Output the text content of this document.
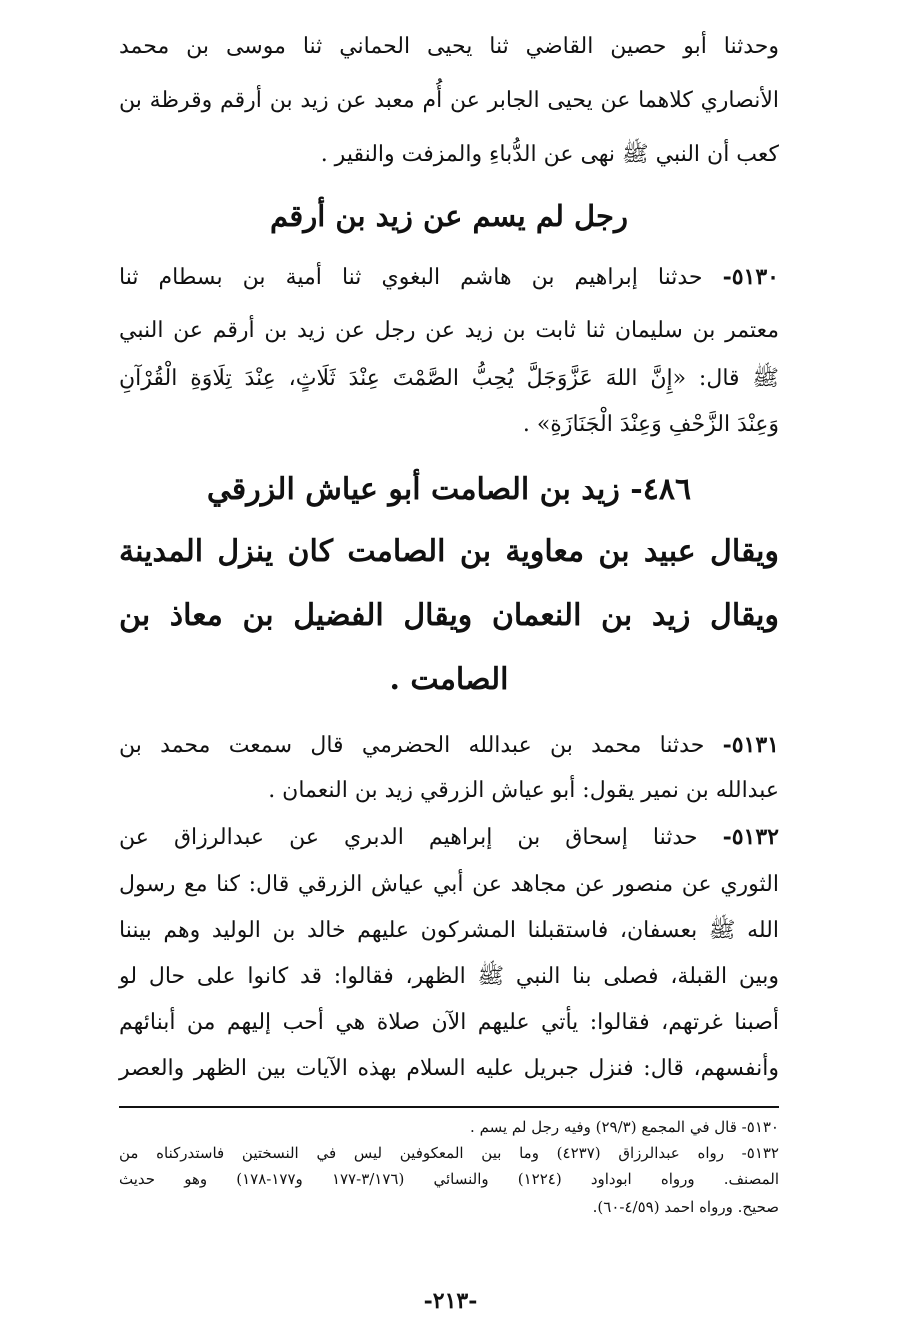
وحدثنا أبو حصين القاضي ثنا يحيى الحماني ثنا موسى بن محمد
الأنصاري كلاهما عن يحيى الجابر عن أُم معبد عن زيد بن أرقم وقرظة بن
كعب أن النبي ﷺ نهى عن الدُّباءِ والمزفت والنقير .
رجل لم يسم عن زيد بن أرقم
٥١٣٠- حدثنا إبراهيم بن هاشم البغوي ثنا أمية بن بسطام ثنا
معتمر بن سليمان ثنا ثابت بن زيد عن رجل عن زيد بن أرقم عن النبي
ﷺ قال: «إِنَّ اللهَ عَزَّوَجَلَّ يُحِبُّ الصَّمْتَ عِنْدَ ثَلَاثٍ، عِنْدَ تِلَاوَةِ الْقُرْآنِ
وَعِنْدَ الزَّحْفِ وَعِنْدَ الْجَنَازَةِ» .
٤٨٦- زيد بن الصامت أبو عياش الزرقي
ويقال عبيد بن معاوية بن الصامت كان ينزل المدينة
ويقال زيد بن النعمان ويقال الفضيل بن معاذ بن
الصامت .
٥١٣١- حدثنا محمد بن عبدالله الحضرمي قال سمعت محمد بن
عبدالله بن نمير يقول: أبو عياش الزرقي زيد بن النعمان .
٥١٣٢- حدثنا إسحاق بن إبراهيم الدبري عن عبدالرزاق عن
الثوري عن منصور عن مجاهد عن أبي عياش الزرقي قال: كنا مع رسول
الله ﷺ بعسفان، فاستقبلنا المشركون عليهم خالد بن الوليد وهم بيننا
وبين القبلة، فصلى بنا النبي ﷺ الظهر، فقالوا: قد كانوا على حال لو
أصبنا غرتهم، فقالوا: يأتي عليهم الآن صلاة هي أحب إليهم من أبنائهم
وأنفسهم، قال: فنزل جبريل عليه السلام بهذه الآيات بين الظهر والعصر
٥١٣٠- قال في المجمع (٢٩/٣) وفيه رجل لم يسم .
٥١٣٢- رواه عبدالرزاق (٤٢٣٧) وما بين المعكوفين ليس في النسختين فاستدركناه من
المصنف. ورواه ابوداود (١٢٢٤) والنسائي (٣/١٧٦-١٧٧ و١٧٧-١٧٨) وهو حديث
صحيح. ورواه احمد (٤/٥٩-٦٠).
-٢١٣-
